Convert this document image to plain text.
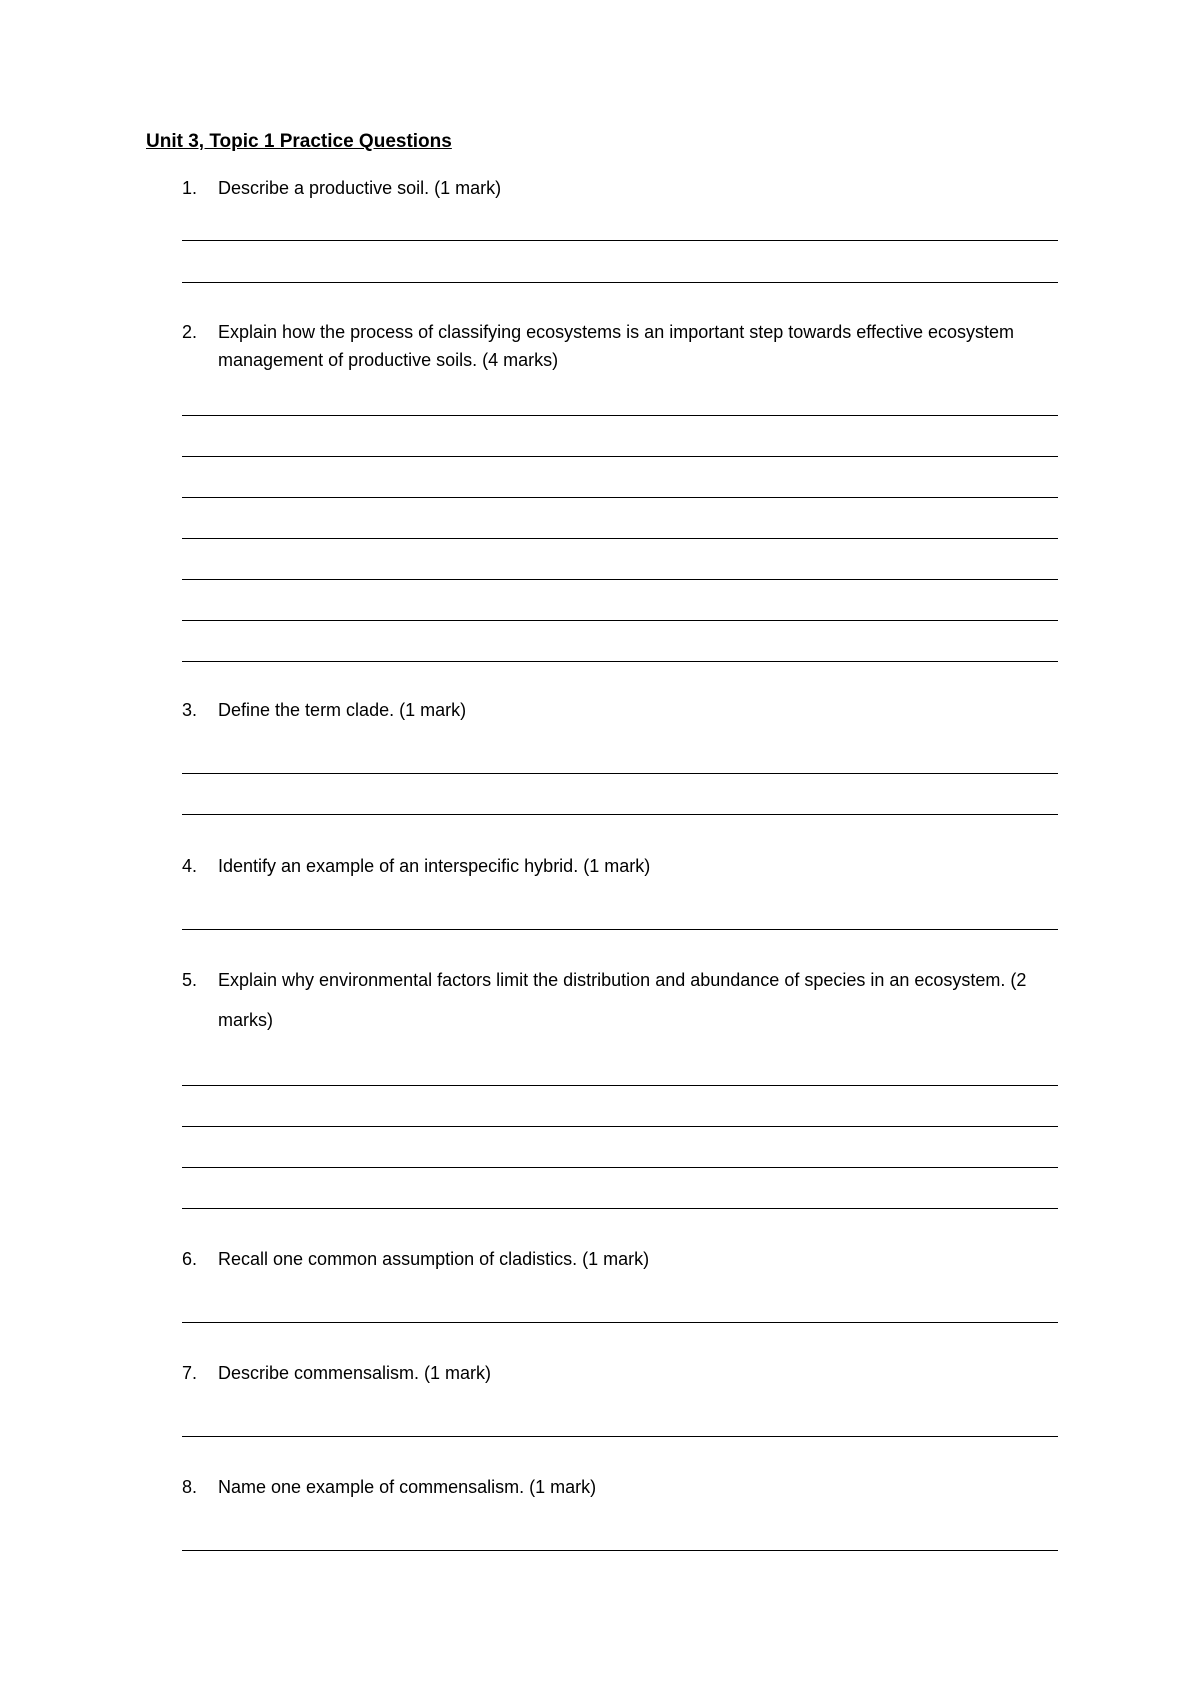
Unit 3, Topic 1 Practice Questions
1.	Describe a productive soil. (1 mark)
2.	Explain how the process of classifying ecosystems is an important step towards effective ecosystem management of productive soils. (4 marks)
3.	Define the term clade. (1 mark)
4.	Identify an example of an interspecific hybrid. (1 mark)
5.	Explain why environmental factors limit the distribution and abundance of species in an ecosystem. (2 marks)
6.	Recall one common assumption of cladistics. (1 mark)
7.	Describe commensalism. (1 mark)
8.	Name one example of commensalism. (1 mark)
